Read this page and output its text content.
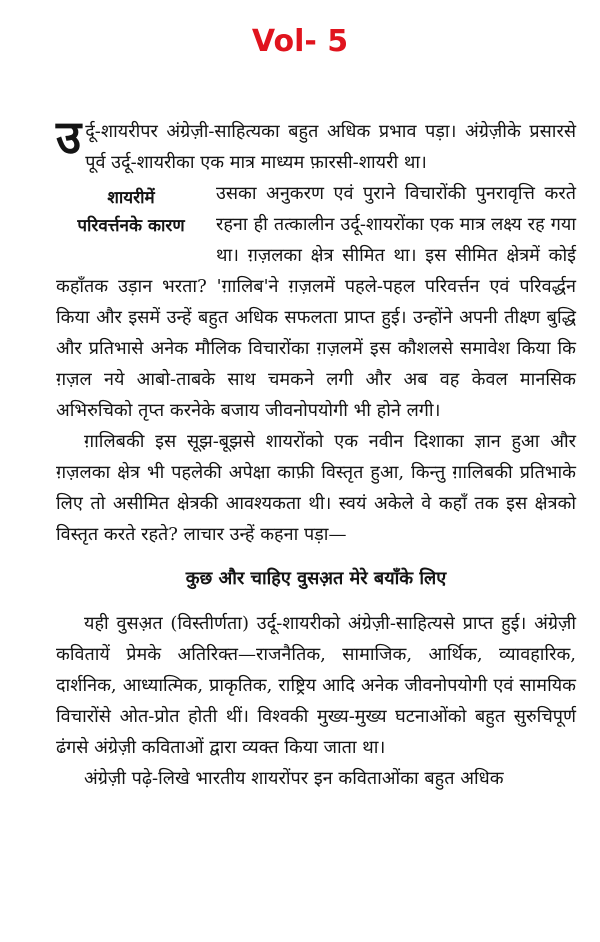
Vol- 5

उर्दू-शायरीपर अंग्रेज़ी-साहित्यका बहुत अधिक प्रभाव पड़ा। अंग्रेज़ीके प्रसारसे पूर्व उर्दू-शायरीका एक मात्र माध्यम फ़ारसी-शायरी था।

शायरीमें
परिवर्त्तनके कारण

उसका अनुकरण एवं पुराने विचारोंकी पुनरावृत्ति करते रहना ही तत्कालीन उर्दू-शायरोंका एक मात्र लक्ष्य रह गया था। ग़ज़लका क्षेत्र सीमित था। इस सीमित क्षेत्रमें कोई कहाँतक उड़ान भरता? 'ग़ालिब'ने ग़ज़लमें पहले-पहल परिवर्त्तन एवं परिवर्द्धन किया और इसमें उन्हें बहुत अधिक सफलता प्राप्त हुई। उन्होंने अपनी तीक्ष्ण बुद्धि और प्रतिभासे अनेक मौलिक विचारोंका ग़ज़लमें इस कौशलसे समावेश किया कि ग़ज़ल नये आबो-ताबके साथ चमकने लगी और अब वह केवल मानसिक अभिरुचिको तृप्त करनेके बजाय जीवनोपयोगी भी होने लगी।

ग़ालिबकी इस सूझ-बूझसे शायरोंको एक नवीन दिशाका ज्ञान हुआ और ग़ज़लका क्षेत्र भी पहलेकी अपेक्षा काफ़ी विस्तृत हुआ, किन्तु ग़ालिबकी प्रतिभाके लिए तो असीमित क्षेत्रकी आवश्यकता थी। स्वयं अकेले वे कहाँ तक इस क्षेत्रको विस्तृत करते रहते? लाचार उन्हें कहना पड़ा—

कुछ और चाहिए वुसअ़त मेरे बयाँके लिए

यही वुसअ़त (विस्तीर्णता) उर्दू-शायरीको अंग्रेज़ी-साहित्यसे प्राप्त हुई। अंग्रेज़ी कवितायें प्रेमके अतिरिक्त—राजनैतिक, सामाजिक, आर्थिक, व्यावहारिक, दार्शनिक, आध्यात्मिक, प्राकृतिक, राष्ट्रिय आदि अनेक जीवनोपयोगी एवं सामयिक विचारोंसे ओत-प्रोत होती थीं। विश्वकी मुख्य-मुख्य घटनाओंको बहुत सुरुचिपूर्ण ढंगसे अंग्रेज़ी कविताओं द्वारा व्यक्त किया जाता था।

अंग्रेज़ी पढ़े-लिखे भारतीय शायरोंपर इन कविताओंका बहुत अधिक
